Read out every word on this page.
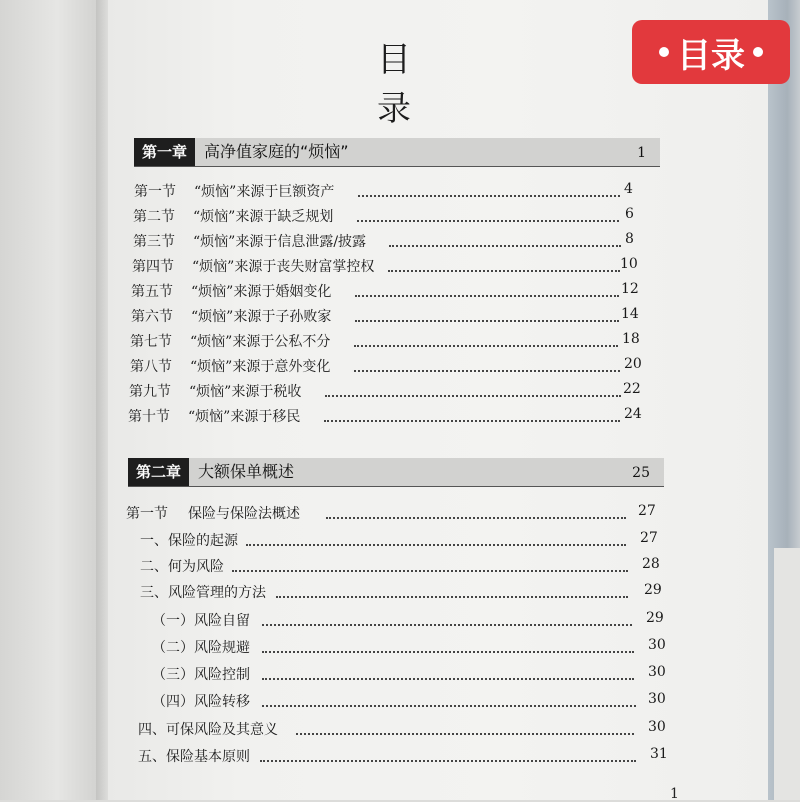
目 录
目录
第一章	高净值家庭的“烦恼”	1
第一节 “烦恼”来源于巨额资产	4
第二节 “烦恼”来源于缺乏规划	6
第三节 “烦恼”来源于信息泄露/披露	8
第四节 “烦恼”来源于丧失财富掌控权	10
第五节 “烦恼”来源于婚姻变化	12
第六节 “烦恼”来源于子孙败家	14
第七节 “烦恼”来源于公私不分	18
第八节 “烦恼”来源于意外变化	20
第九节 “烦恼”来源于税收	22
第十节 “烦恼”来源于移民	24
第二章	大额保单概述	25
第一节 保险与保险法概述	27
一、保险的起源	27
二、何为风险	28
三、风险管理的方法	29
（一）风险自留	29
（二）风险规避	30
（三）风险控制	30
（四）风险转移	30
四、可保风险及其意义	30
五、保险基本原则	31
1
